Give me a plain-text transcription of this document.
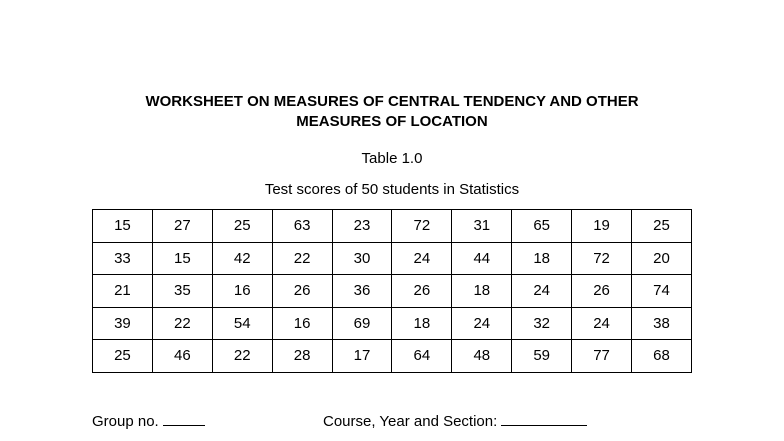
WORKSHEET ON MEASURES OF CENTRAL TENDENCY AND OTHER
MEASURES OF LOCATION
Table 1.0
Test scores of 50 students in Statistics
15	27	25	63	23	72	31	65	19	25
33	15	42	22	30	24	44	18	72	20
21	35	16	26	36	26	18	24	26	74
39	22	54	16	69	18	24	32	24	38
25	46	22	28	17	64	48	59	77	68
Group no.	Course, Year and Section:
